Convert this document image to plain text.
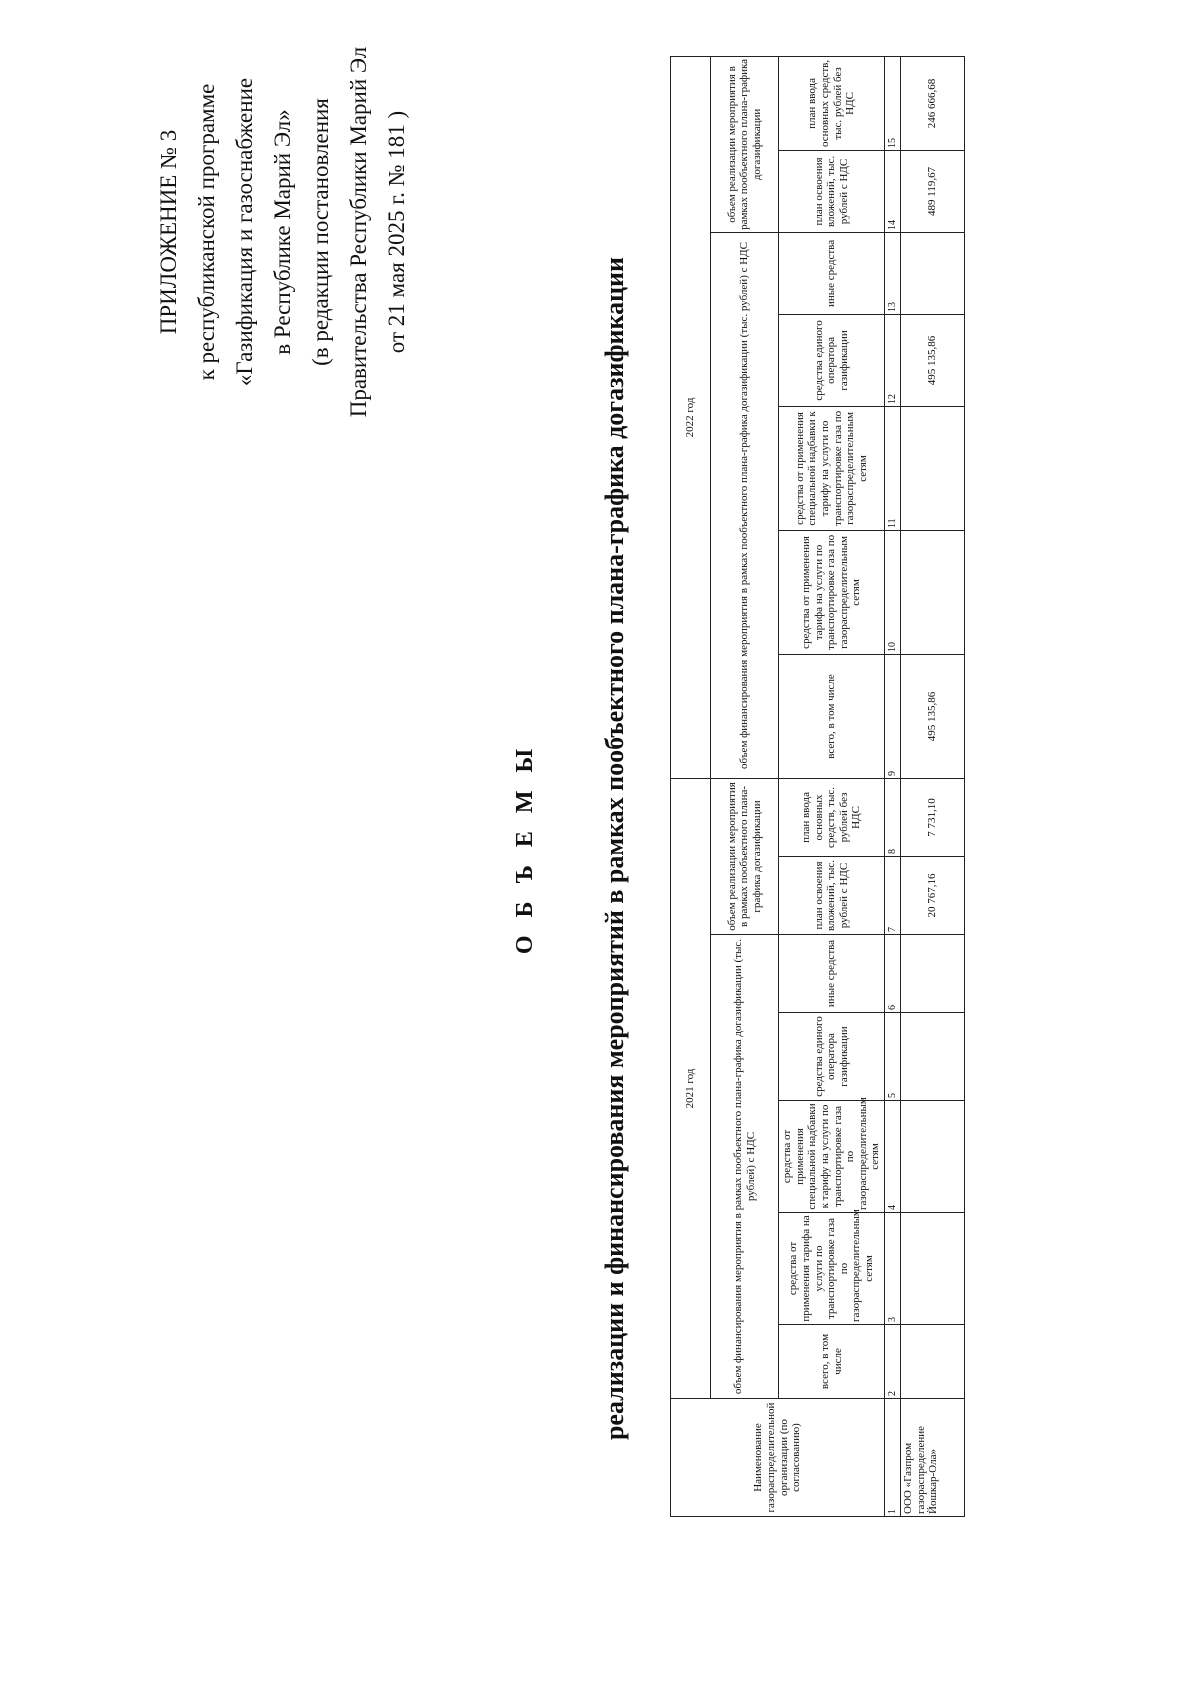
ПРИЛОЖЕНИЕ № 3 к республиканской программе «Газификация и газоснабжение в Республике Марий Эл» (в редакции постановления Правительства Республики Марий Эл от 21 мая 2025 г. № 181 )
О Б Ъ Е М Ы реализации и финансирования мероприятий в рамках пообъектного плана-графика догазификации
Наименование газораспределительной организации (по согласованию)	2021 год							2022 год						
	объем финансирования мероприятия в рамках пообъектного плана-графика догазификации (тыс. рублей) с НДС					объем реализации мероприятия в рамках пообъектного плана-графика догазификации		объем финансирования мероприятия в рамках пообъектного плана-графика догазификации (тыс. рублей) с НДС					объем реализации мероприятия в рамках пообъектного плана-графика догазификации	
	всего, в том числе	средства от применения тарифа на услуги по транспортировке газа по газораспределительным сетям	средства от применения специальной надбавки к тарифу на услуги по транспортировке газа по газораспределительным сетям	средства единого оператора газификации	иные средства	план освоения вложений, тыс. рублей с НДС	план ввода основных средств, тыс. рублей без НДС	всего, в том числе	средства от применения тарифа на услуги по транспортировке газа по газораспределительным сетям	средства от применения специальной надбавки к тарифу на услуги по транспортировке газа по газораспределительным сетям	средства единого оператора газификации	иные средства	план освоения вложений, тыс. рублей с НДС	план ввода основных средств, тыс. рублей без НДС
1	2	3	4	5	6	7	8	9	10	11	12	13	14	15
ООО «Газпром газораспределение Йошкар-Ола»						20 767,16	7 731,10	495 135,86			495 135,86		489 119,67	246 666,68
